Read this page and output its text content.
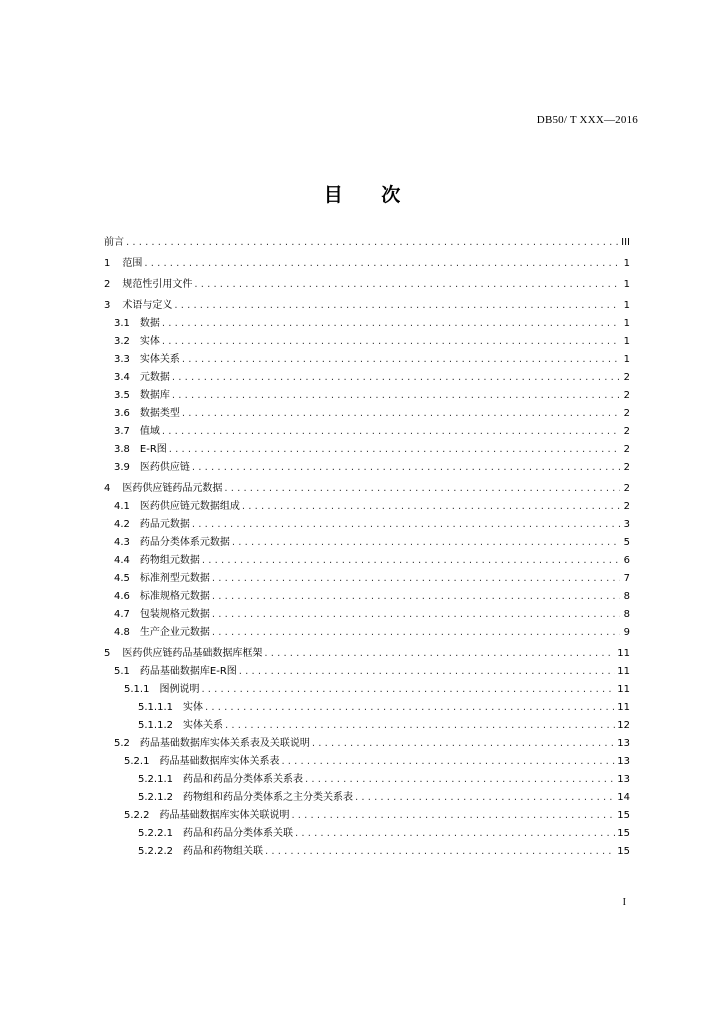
DB50/ T XXX—2016
目 次
前言 . . .	III
1 范围 . . .	1
2 规范性引用文件 . . .	1
3 术语与定义 . . .	1
3.1 数据 . . .	1
3.2 实体 . . .	1
3.3 实体关系 . . .	1
3.4 元数据 . . .	2
3.5 数据库 . . .	2
3.6 数据类型 . . .	2
3.7 值域 . . .	2
3.8 E-R图 . . .	2
3.9 医药供应链 . . .	2
4 医药供应链药品元数据 . . .	2
4.1 医药供应链元数据组成 . . .	2
4.2 药品元数据 . . .	3
4.3 药品分类体系元数据 . . .	5
4.4 药物组元数据 . . .	6
4.5 标准剂型元数据 . . .	7
4.6 标准规格元数据 . . .	8
4.7 包装规格元数据 . . .	8
4.8 生产企业元数据 . . .	9
5 医药供应链药品基础数据库框架 . . .	11
5.1 药品基础数据库E-R图 . . .	11
5.1.1 图例说明 . . .	11
5.1.1.1 实体 . . .	11
5.1.1.2 实体关系 . . .	12
5.2 药品基础数据库实体关系表及关联说明 . . .	13
5.2.1 药品基础数据库实体关系表 . . .	13
5.2.1.1 药品和药品分类体系关系表 . . .	13
5.2.1.2 药物组和药品分类体系之主分类关系表 . . .	14
5.2.2 药品基础数据库实体关联说明 . . .	15
5.2.2.1 药品和药品分类体系关联 . . .	15
5.2.2.2 药品和药物组关联 . . .	15
I
